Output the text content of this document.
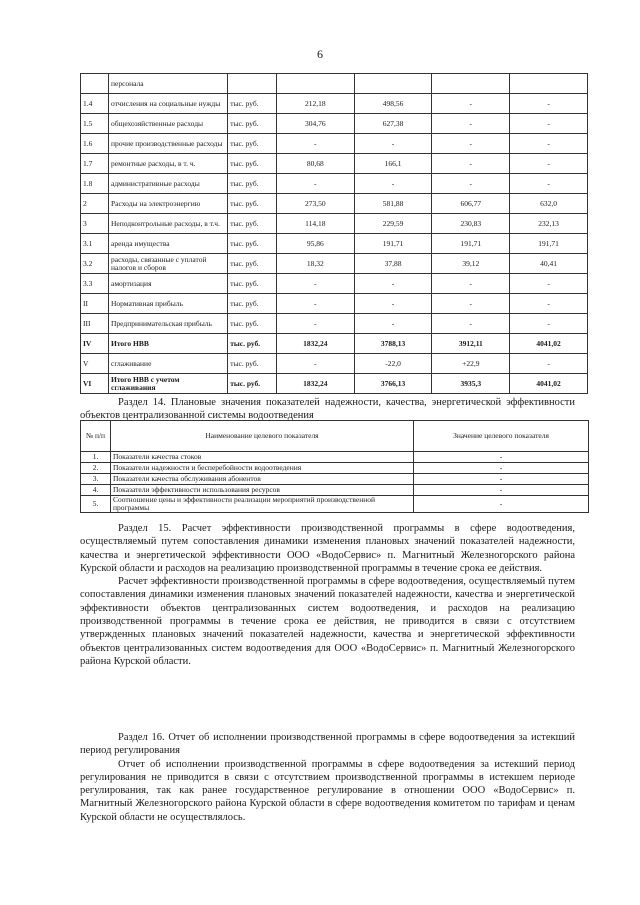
6
	персонала					
1.4	отчисления на социальные нужды	тыс. руб.	212,18	498,56	-	-
1.5	общехозяйственные расходы	тыс. руб.	304,76	627,38	-	-
1.6	прочие производственные расходы	тыс. руб.	-	-	-	-
1.7	ремонтные расходы, в т. ч.	тыс. руб.	80,68	166,1	-	-
1.8	административные расходы	тыс. руб.	-	-	-	-
2	Расходы на электроэнергию	тыс. руб.	273,50	581,88	606,77	632,0
3	Неподконтрольные расходы, в т.ч.	тыс. руб.	114,18	229,59	230,83	232,13
3.1	аренда имущества	тыс. руб.	95,86	191,71	191,71	191,71
3.2	расходы, связанные с уплатой налогов и сборов	тыс. руб.	18,32	37,88	39,12	40,41
3.3	амортизация	тыс. руб.	-	-	-	-
II	Нормативная прибыль	тыс. руб.	-	-	-	-
III	Предпринимательская прибыль	тыс. руб.	-	-	-	-
IV	Итого НВВ	тыс. руб.	1832,24	3788,13	3912,11	4041,02
V	сглаживание	тыс. руб.	-	-22,0	+22,9	-
VI	Итого НВВ с учетом сглаживания	тыс. руб.	1832,24	3766,13	3935,3	4041,02

Раздел 14. Плановые значения показателей надежности, качества, энергетической эффективности объектов централизованной системы водоотведения

№ п/п	Наименование целевого показателя	Значение целевого показателя
1.	Показатели качества стоков	-
2.	Показатели надежности и бесперебойности водоотведения	-
3.	Показатели качества обслуживания абонентов	-
4.	Показатели эффективности использования ресурсов	-
5.	Соотношение цены и эффективности реализации мероприятий производственной программы	-

Раздел 15. Расчет эффективности производственной программы в сфере водоотведения, осуществляемый путем сопоставления динамики изменения плановых значений показателей надежности, качества и энергетической эффективности ООО «ВодоСервис» п. Магнитный Железногорского района Курской области и расходов на реализацию производственной программы в течение срока ее действия.

Расчет эффективности производственной программы в сфере водоотведения, осуществляемый путем сопоставления динамики изменения плановых значений показателей надежности, качества и энергетической эффективности объектов централизованных систем водоотведения, и расходов на реализацию производственной программы в течение срока ее действия, не приводится в связи с отсутствием утвержденных плановых значений показателей надежности, качества и энергетической эффективности объектов централизованных систем водоотведения для ООО «ВодоСервис» п. Магнитный Железногорского района Курской области.

Раздел 16. Отчет об исполнении производственной программы в сфере водоотведения за истекший период регулирования

Отчет об исполнении производственной программы в сфере водоотведения за истекший период регулирования не приводится в связи с отсутствием производственной программы в истекшем периоде регулирования, так как ранее государственное регулирование в отношении ООО «ВодоСервис» п. Магнитный Железногорского района Курской области в сфере водоотведения комитетом по тарифам и ценам Курской области не осуществлялось.
